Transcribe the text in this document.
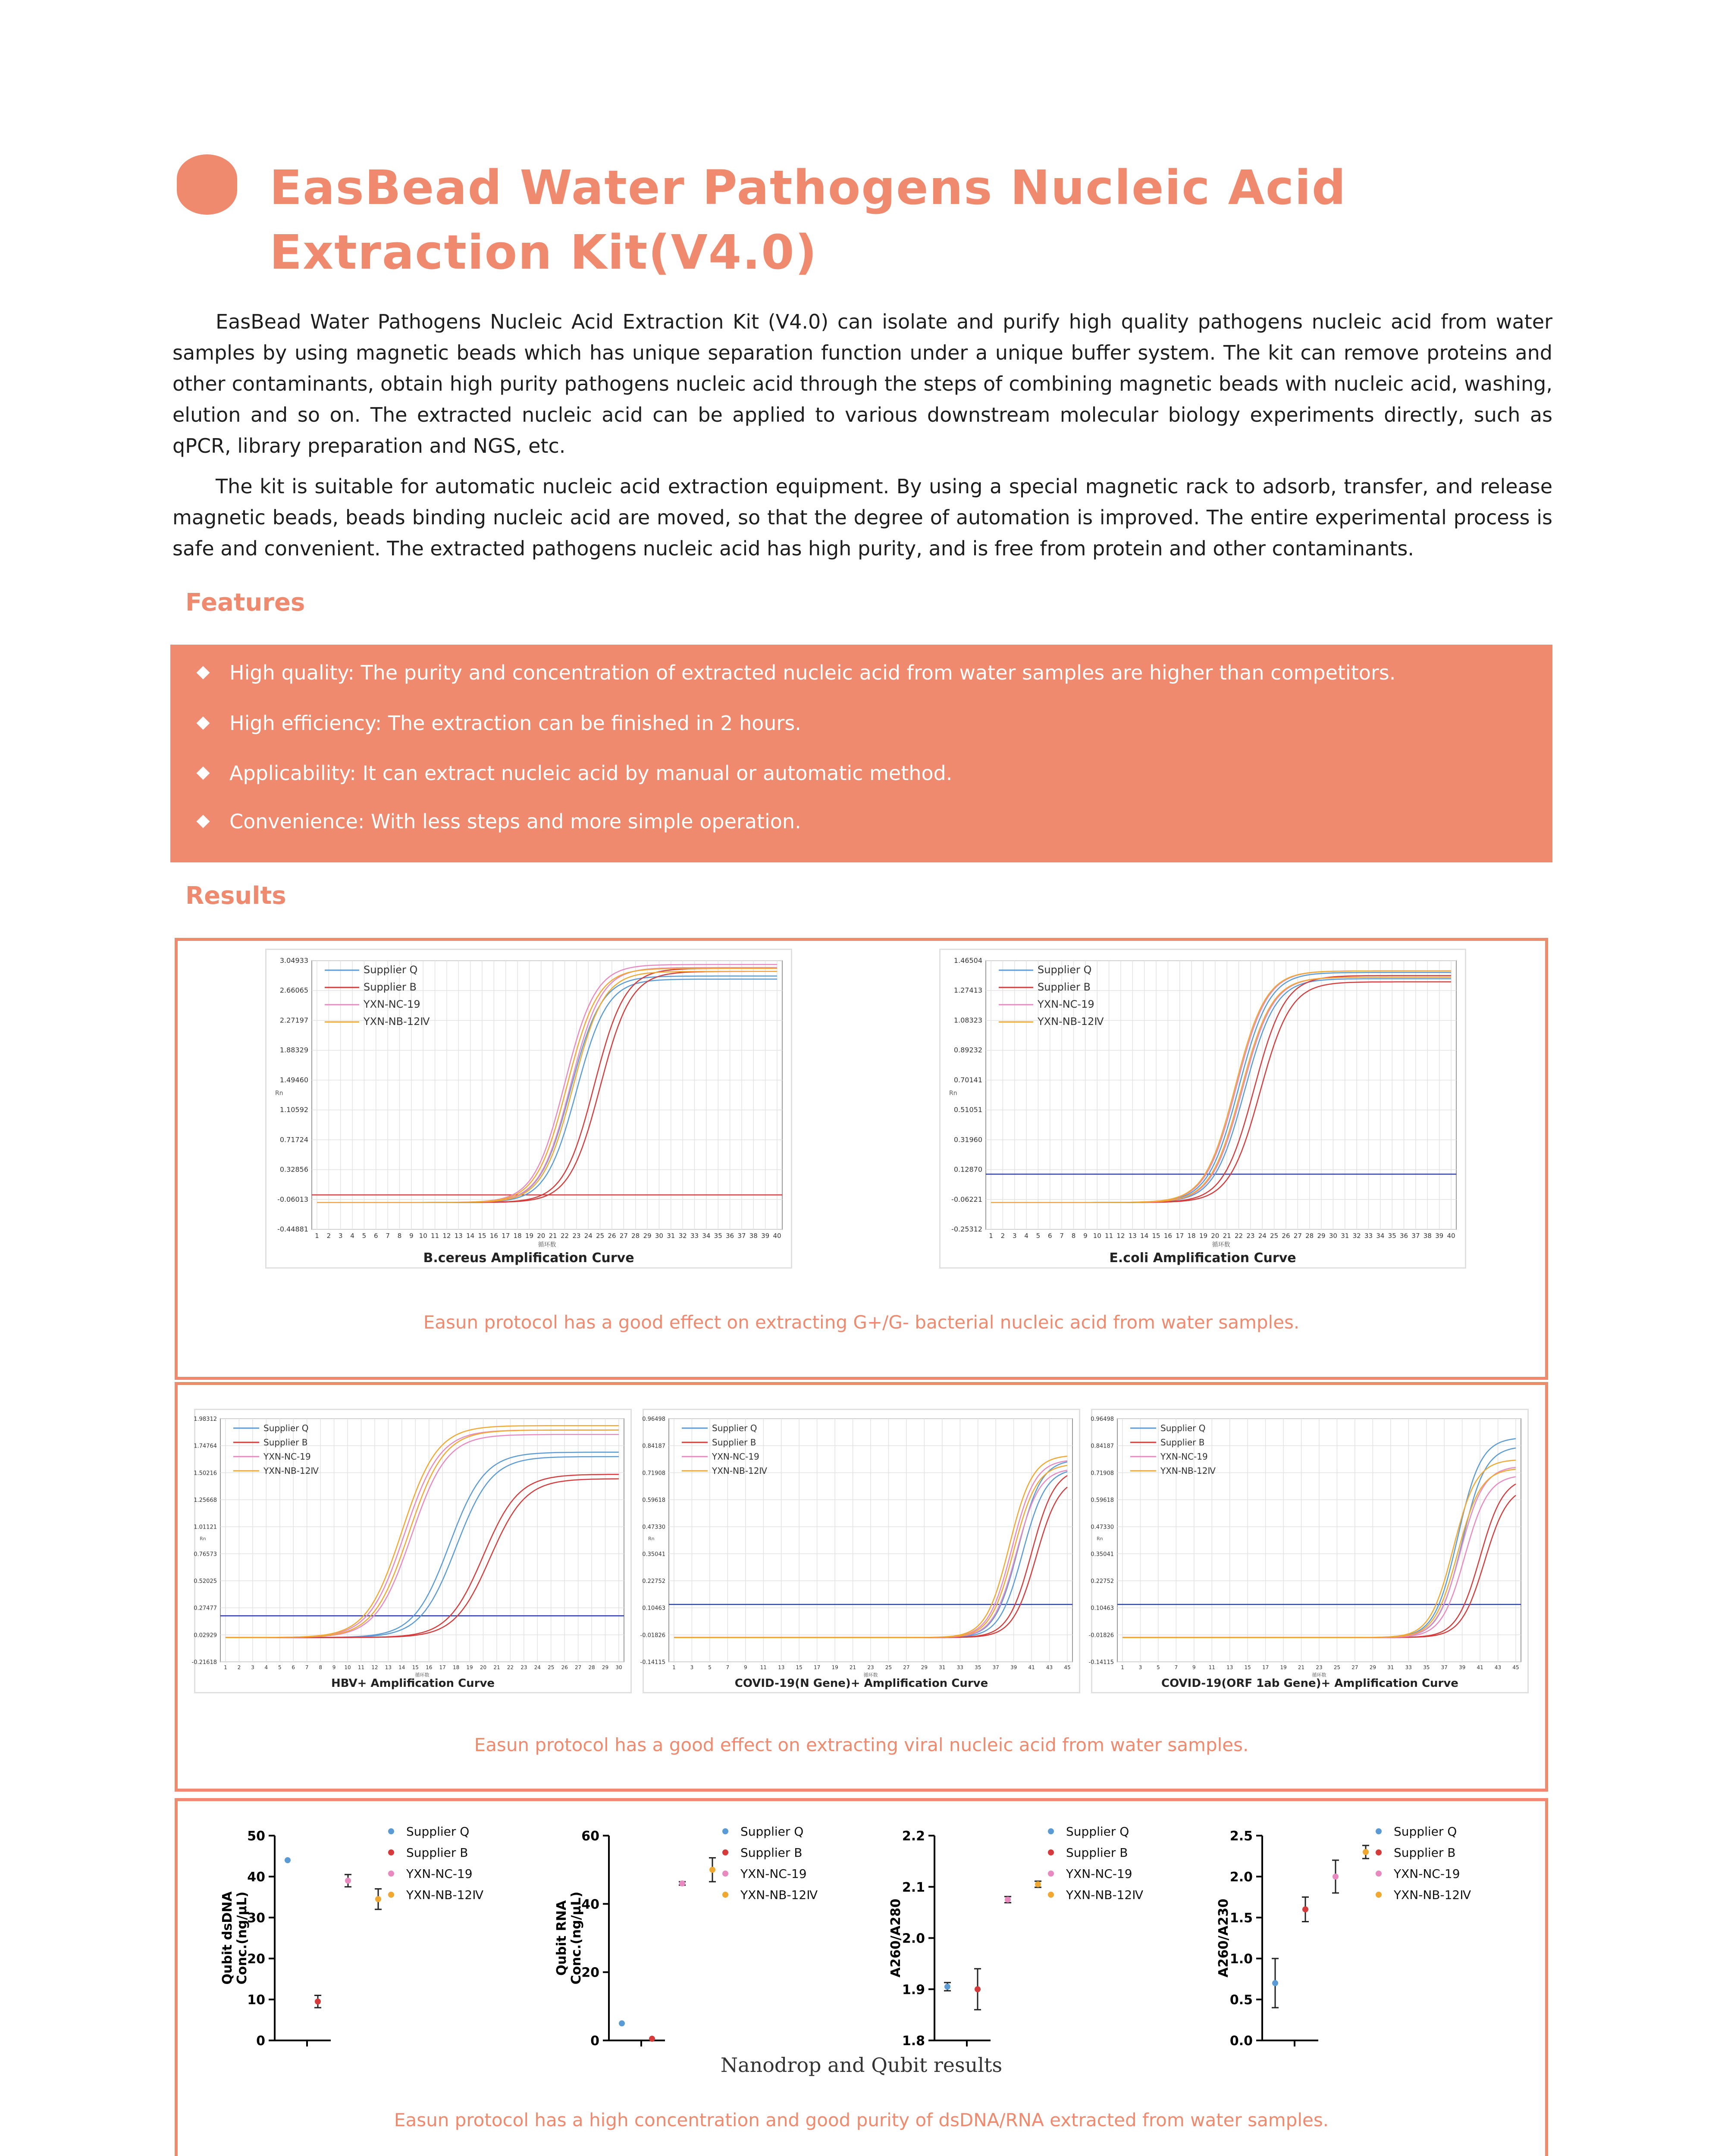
EasBead Water Pathogens Nucleic Acid Extraction Kit(V4.0)

EasBead Water Pathogens Nucleic Acid Extraction Kit (V4.0) can isolate and purify high quality pathogens nucleic acid from water samples by using magnetic beads which has unique separation function under a unique buffer system. The kit can remove proteins and other contaminants, obtain high purity pathogens nucleic acid through the steps of combining magnetic beads with nucleic acid, washing, elution and so on. The extracted nucleic acid can be applied to various downstream molecular biology experiments directly, such as qPCR, library preparation and NGS, etc.

The kit is suitable for automatic nucleic acid extraction equipment. By using a special magnetic rack to adsorb, transfer, and release magnetic beads, beads binding nucleic acid are moved, so that the degree of automation is improved. The entire experimental process is safe and convenient. The extracted pathogens nucleic acid has high purity, and is free from protein and other contaminants.

Features
High quality: The purity and concentration of extracted nucleic acid from water samples are higher than competitors.
High efficiency: The extraction can be finished in 2 hours.
Applicability: It can extract nucleic acid by manual or automatic method.
Convenience: With less steps and more simple operation.
Results
3.04933
2.66065
2.27197
1.88329
1.49460
1.10592
0.71724
0.32856
-0.06013
-0.44881
1 2 3 4 5 6 7 8 9 10 11 12 13 14 15 16 17 18 19 20 21 22 23 24 25 26 27 28 29 30 31 32 33 34 35 36 37 38 39 40
循环数
Rn
Supplier Q
Supplier B
YXN-NC-19
YXN-NB-12Ⅳ
B.cereus Amplification Curve
1.46504
1.27413
1.08323
0.89232
0.70141
0.51051
0.31960
0.12870
-0.06221
-0.25312
1 2 3 4 5 6 7 8 9 10 11 12 13 14 15 16 17 18 19 20 21 22 23 24 25 26 27 28 29 30 31 32 33 34 35 36 37 38 39 40
循环数
Rn
Supplier Q
Supplier B
YXN-NC-19
YXN-NB-12Ⅳ
E.coli Amplification Curve
Easun protocol has a good effect on extracting G+/G- bacterial nucleic acid from water samples.
1.98312
1.74764
1.50216
1.25668
1.01121
0.76573
0.52025
0.27477
0.02929
-0.21618
1 2 3 4 5 6 7 8 9 10 11 12 13 14 15 16 17 18 19 20 21 22 23 24 25 26 27 28 29 30
循环数
Rn
Supplier Q
Supplier B
YXN-NC-19
YXN-NB-12Ⅳ
HBV+ Amplification Curve
0.96498
0.84187
0.71908
0.59618
0.47330
0.35041
0.22752
0.10463
-0.01826
-0.14115
1	3	5	7	9 11 13 15 17 19 21 23 25 27 29 31 33 35 37 39 41 43 45
循环数
Rn
Supplier Q
Supplier B
YXN-NC-19
YXN-NB-12Ⅳ
COVID-19(N Gene)+ Amplification Curve
0.96498
0.84187
0.71908
0.59618
0.47330
0.35041
0.22752
0.10463
-0.01826
-0.14115
1	3	5	7	9 11 13 15 17 19 21 23 25 27 29 31 33 35 37 39 41 43 45
循环数
Rn
Supplier Q
Supplier B
YXN-NC-19
YXN-NB-12Ⅳ
COVID-19(ORF 1ab Gene)+ Amplification Curve
Easun protocol has a good effect on extracting viral nucleic acid from water samples.
0
10
20
30
40
50
Qubit dsDNA Conc.(ng/μL)
Supplier Q
Supplier B
YXN-NC-19
YXN-NB-12Ⅳ
0
20
40
60
Qubit RNA Conc.(ng/μL)
Supplier Q
Supplier B
YXN-NC-19
YXN-NB-12Ⅳ
1.8
1.9
2.0
2.1
2.2
A260/A280
Supplier Q
Supplier B
YXN-NC-19
YXN-NB-12Ⅳ
0.0
0.5
1.0
1.5
2.0
2.5
A260/A230
Supplier Q
Supplier B
YXN-NC-19
YXN-NB-12Ⅳ
Nanodrop and Qubit results
Easun protocol has a high concentration and good purity of dsDNA/RNA extracted from water samples.
